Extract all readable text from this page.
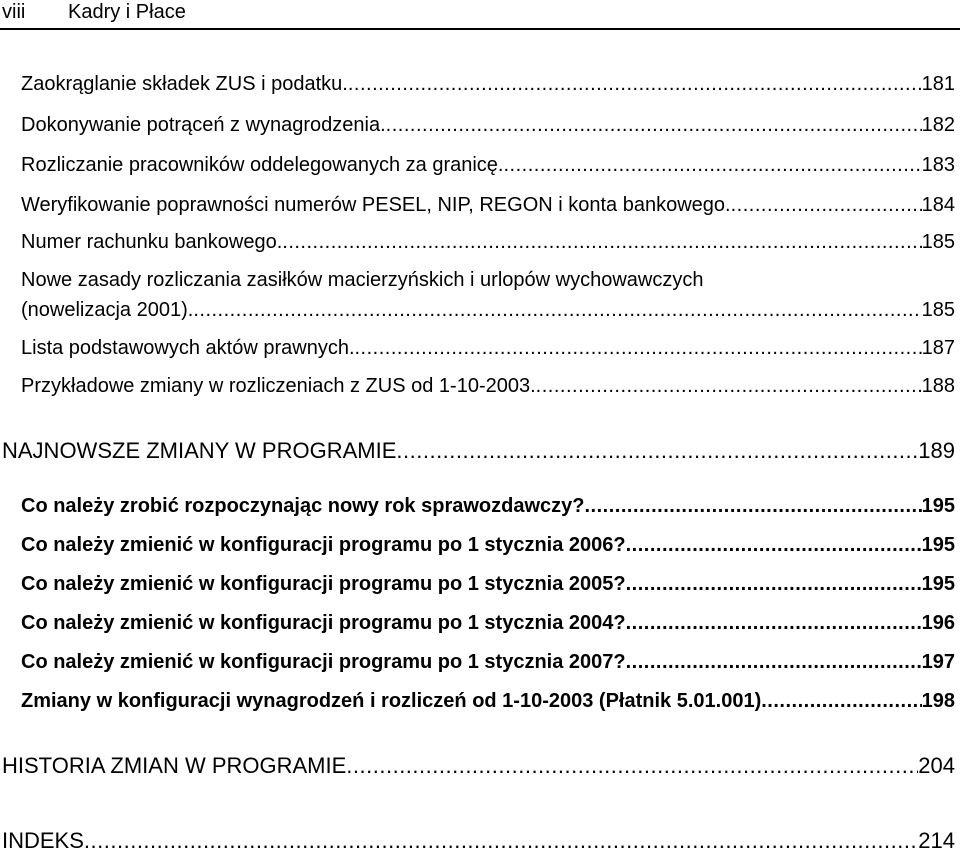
viii Kadry i Płace
Zaokrąglanie składek ZUS i podatku. .....	181
Dokonywanie potrąceń z wynagrodzenia. .....	182
Rozliczanie pracowników oddelegowanych za granicę. .....	183
Weryfikowanie poprawności numerów PESEL, NIP, REGON i konta bankowego. .....	184
Numer rachunku bankowego. .....	185
Nowe zasady rozliczania zasiłków macierzyńskich i urlopów wychowawczych
(nowelizacja 2001). .....	185
Lista podstawowych aktów prawnych. .....	187
Przykładowe zmiany w rozliczeniach z ZUS od 1-10-2003. .....	188
NAJNOWSZE ZMIANY W PROGRAMIE .....	189
Co należy zrobić rozpoczynając nowy rok sprawozdawczy? .....	195
Co należy zmienić w konfiguracji programu po 1 stycznia 2006? .....	195
Co należy zmienić w konfiguracji programu po 1 stycznia 2005? .....	195
Co należy zmienić w konfiguracji programu po 1 stycznia 2004? .....	196
Co należy zmienić w konfiguracji programu po 1 stycznia 2007? .....	197
Zmiany w konfiguracji wynagrodzeń i rozliczeń od 1-10-2003 (Płatnik 5.01.001) .....	198
HISTORIA ZMIAN W PROGRAMIE .....	204
INDEKS .....	214
